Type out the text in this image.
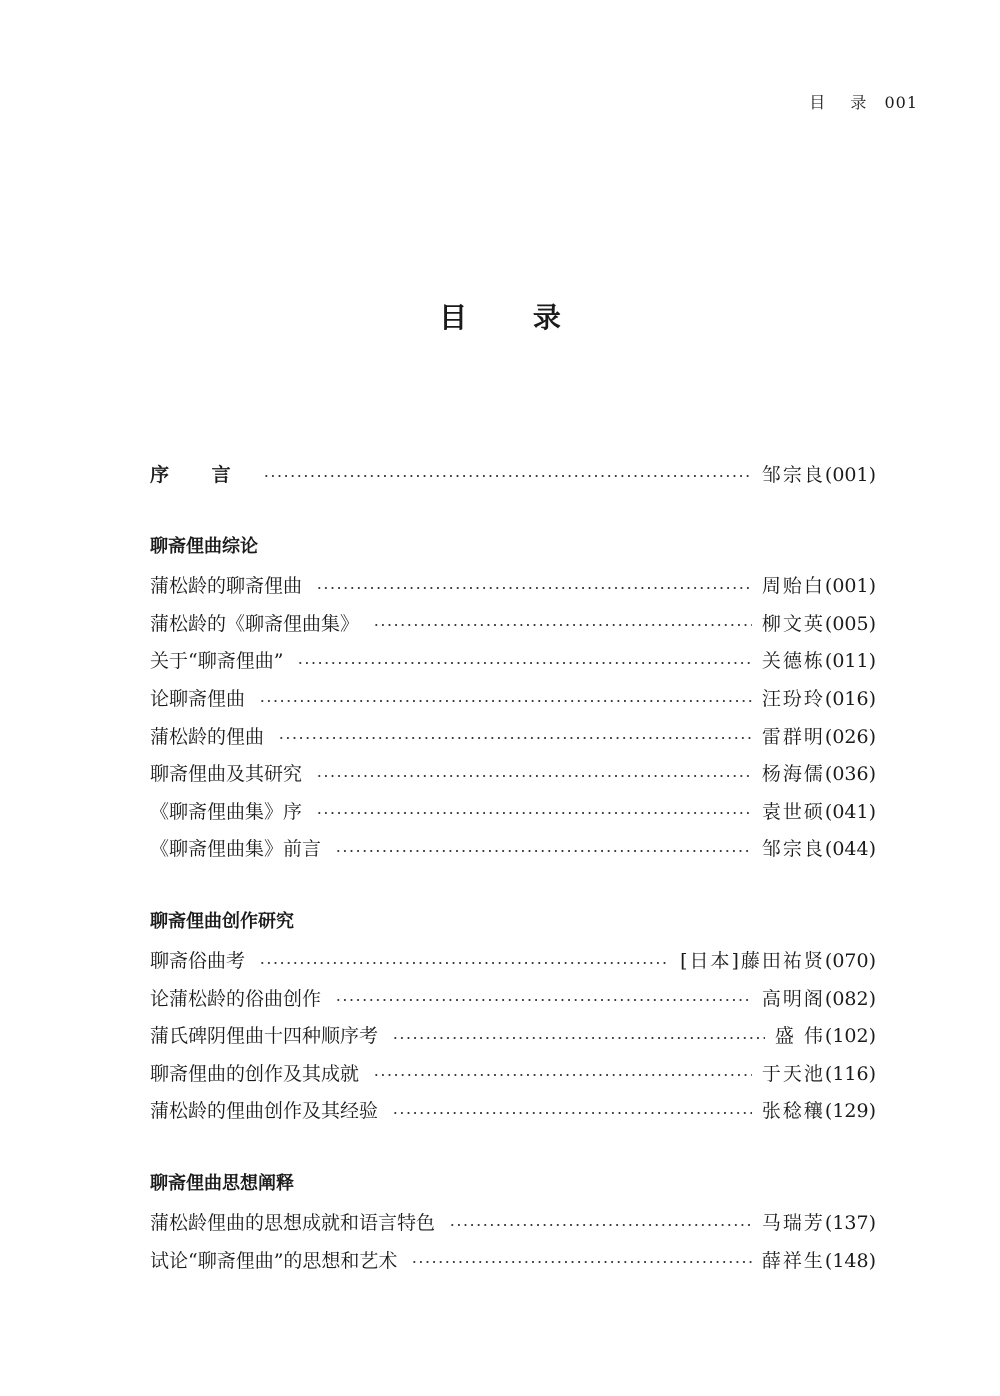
目 录 001
目 录
序 言	邹宗良(001)
聊斋俚曲综论
蒲松龄的聊斋俚曲	周贻白(001)
蒲松龄的《聊斋俚曲集》	柳文英(005)
关于“聊斋俚曲”	关德栋(011)
论聊斋俚曲	汪玢玲(016)
蒲松龄的俚曲	雷群明(026)
聊斋俚曲及其研究	杨海儒(036)
《聊斋俚曲集》序	袁世硕(041)
《聊斋俚曲集》前言	邹宗良(044)
聊斋俚曲创作研究
聊斋俗曲考	[日本]藤田祐贤(070)
论蒲松龄的俗曲创作	高明阁(082)
蒲氏碑阴俚曲十四种顺序考	盛 伟(102)
聊斋俚曲的创作及其成就	于天池(116)
蒲松龄的俚曲创作及其经验	张稔穰(129)
聊斋俚曲思想阐释
蒲松龄俚曲的思想成就和语言特色	马瑞芳(137)
试论“聊斋俚曲”的思想和艺术	薛祥生(148)
